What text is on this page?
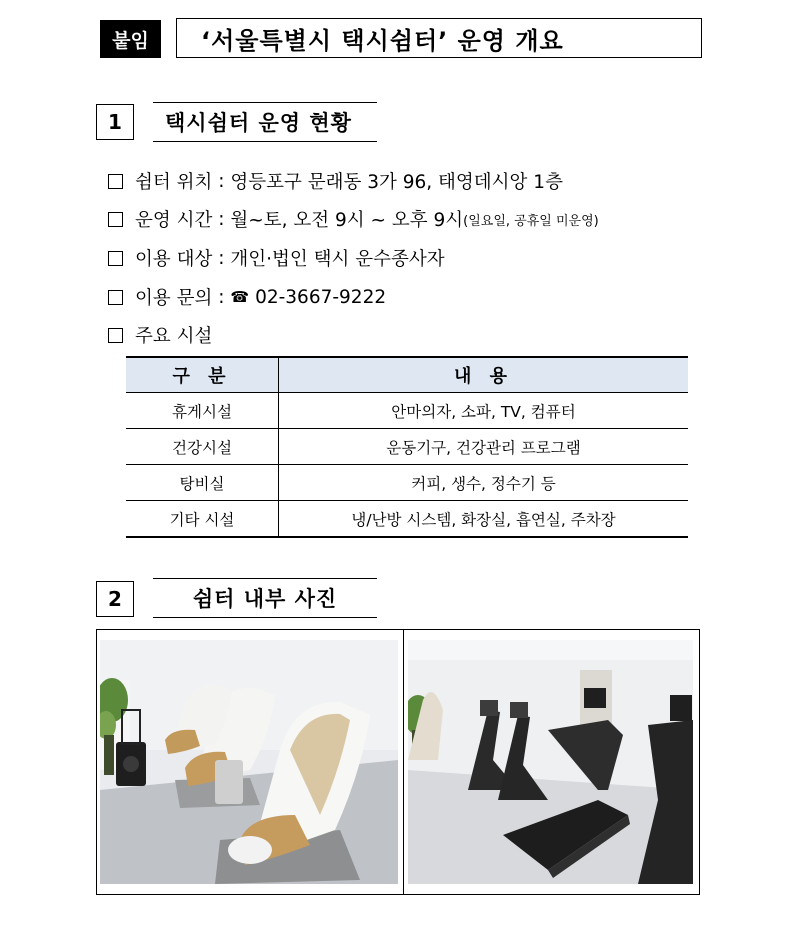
붙임	‘서울특별시 택시쉼터’ 운영 개요
1	택시쉼터 운영 현황
쉼터 위치 : 영등포구 문래동 3가 96, 태영데시앙 1층
운영 시간 : 월~토, 오전 9시 ~ 오후 9시 (일요일, 공휴일 미운영)
이용 대상 : 개인·법인 택시 운수종사자
이용 문의 : ☎ 02-3667-9222
주요 시설
구 분	내 용
휴게시설	안마의자, 소파, TV, 컴퓨터
건강시설	운동기구, 건강관리 프로그램
탕비실	커피, 생수, 정수기 등
기타 시설	냉/난방 시스템, 화장실, 흡연실, 주차장
2	쉼터 내부 사진
